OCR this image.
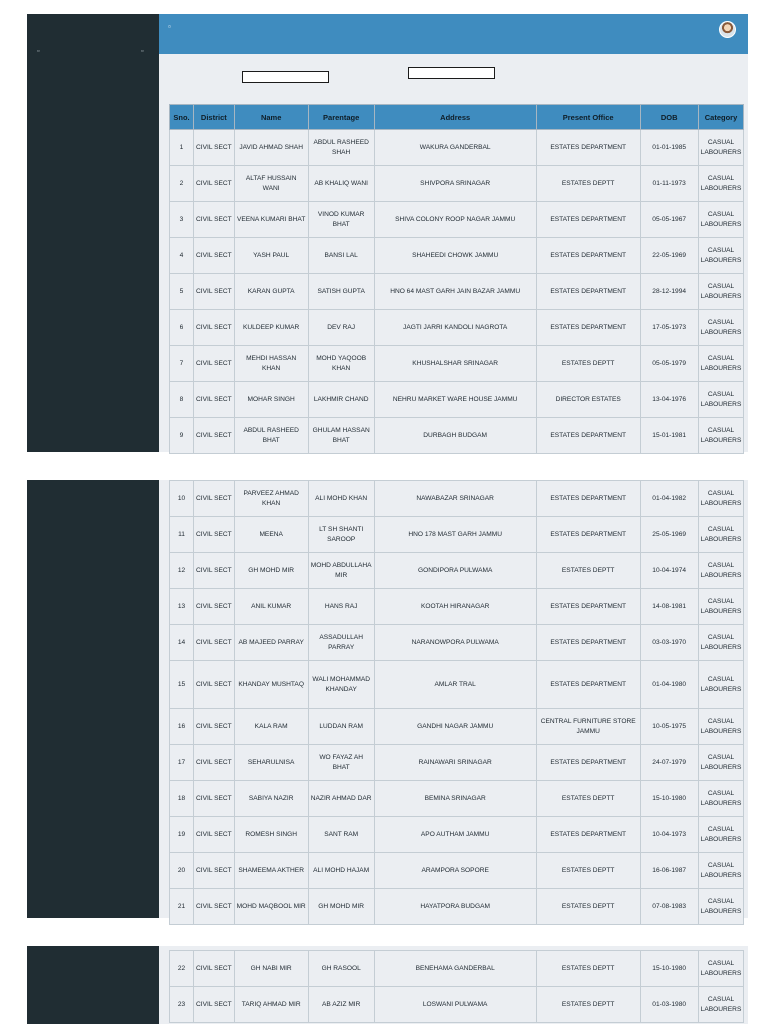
▫	▫
▫
Sno.	District	Name	Parentage	Address	Present Office	DOB	Category
1	CIVIL SECT	JAVID AHMAD SHAH	ABDUL RASHEED SHAH	WAKURA GANDERBAL	ESTATES DEPARTMENT	01-01-1985	CASUAL LABOURERS
2	CIVIL SECT	ALTAF HUSSAIN WANI	AB KHALIQ WANI	SHIVPORA SRINAGAR	ESTATES DEPTT	01-11-1973	CASUAL LABOURERS
3	CIVIL SECT	VEENA KUMARI BHAT	VINOD KUMAR BHAT	SHIVA COLONY ROOP NAGAR JAMMU	ESTATES DEPARTMENT	05-05-1967	CASUAL LABOURERS
4	CIVIL SECT	YASH PAUL	BANSI LAL	SHAHEEDI CHOWK JAMMU	ESTATES DEPARTMENT	22-05-1969	CASUAL LABOURERS
5	CIVIL SECT	KARAN GUPTA	SATISH GUPTA	HNO 64 MAST GARH JAIN BAZAR JAMMU	ESTATES DEPARTMENT	28-12-1994	CASUAL LABOURERS
6	CIVIL SECT	KULDEEP KUMAR	DEV RAJ	JAGTI JARRI KANDOLI NAGROTA	ESTATES DEPARTMENT	17-05-1973	CASUAL LABOURERS
7	CIVIL SECT	MEHDI HASSAN KHAN	MOHD YAQOOB KHAN	KHUSHALSHAR SRINAGAR	ESTATES DEPTT	05-05-1979	CASUAL LABOURERS
8	CIVIL SECT	MOHAR SINGH	LAKHMIR CHAND	NEHRU MARKET WARE HOUSE JAMMU	DIRECTOR ESTATES	13-04-1976	CASUAL LABOURERS
9	CIVIL SECT	ABDUL RASHEED BHAT	GHULAM HASSAN BHAT	DURBAGH BUDGAM	ESTATES DEPARTMENT	15-01-1981	CASUAL LABOURERS
10	CIVIL SECT	PARVEEZ AHMAD KHAN	ALI MOHD KHAN	NAWABAZAR SRINAGAR	ESTATES DEPARTMENT	01-04-1982	CASUAL LABOURERS
11	CIVIL SECT	MEENA	LT SH SHANTI SAROOP	HNO 178 MAST GARH JAMMU	ESTATES DEPARTMENT	25-05-1969	CASUAL LABOURERS
12	CIVIL SECT	GH MOHD MIR	MOHD ABDULLAHA MIR	GONDIPORA PULWAMA	ESTATES DEPTT	10-04-1974	CASUAL LABOURERS
13	CIVIL SECT	ANIL KUMAR	HANS RAJ	KOOTAH HIRANAGAR	ESTATES DEPARTMENT	14-08-1981	CASUAL LABOURERS
14	CIVIL SECT	AB MAJEED PARRAY	ASSADULLAH PARRAY	NARANOWPORA PULWAMA	ESTATES DEPARTMENT	03-03-1970	CASUAL LABOURERS
15	CIVIL SECT	KHANDAY MUSHTAQ	WALI MOHAMMAD KHANDAY	AMLAR TRAL	ESTATES DEPARTMENT	01-04-1980	CASUAL LABOURERS
16	CIVIL SECT	KALA RAM	LUDDAN RAM	GANDHI NAGAR JAMMU	CENTRAL FURNITURE STORE JAMMU	10-05-1975	CASUAL LABOURERS
17	CIVIL SECT	SEHARULNISA	WO FAYAZ AH BHAT	RAINAWARI SRINAGAR	ESTATES DEPARTMENT	24-07-1979	CASUAL LABOURERS
18	CIVIL SECT	SABIYA NAZIR	NAZIR AHMAD DAR	BEMINA SRINAGAR	ESTATES DEPTT	15-10-1980	CASUAL LABOURERS
19	CIVIL SECT	ROMESH SINGH	SANT RAM	APO AUTHAM JAMMU	ESTATES DEPARTMENT	10-04-1973	CASUAL LABOURERS
20	CIVIL SECT	SHAMEEMA AKTHER	ALI MOHD HAJAM	ARAMPORA SOPORE	ESTATES DEPTT	16-06-1987	CASUAL LABOURERS
21	CIVIL SECT	MOHD MAQBOOL MIR	GH MOHD MIR	HAYATPORA BUDGAM	ESTATES DEPTT	07-08-1983	CASUAL LABOURERS
22	CIVIL SECT	GH NABI MIR	GH RASOOL	BENEHAMA GANDERBAL	ESTATES DEPTT	15-10-1980	CASUAL LABOURERS
23	CIVIL SECT	TARIQ AHMAD MIR	AB AZIZ MIR	LOSWANI PULWAMA	ESTATES DEPTT	01-03-1980	CASUAL LABOURERS
